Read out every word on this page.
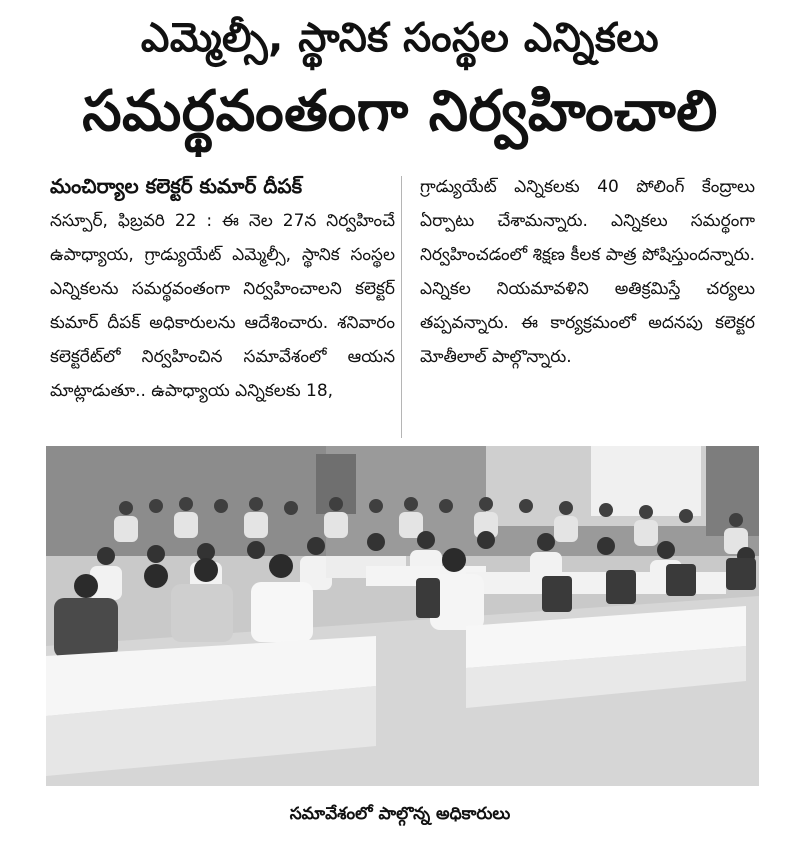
ఎమ్మెల్సీ, స్థానిక సంస్థల ఎన్నికలు
సమర్థవంతంగా నిర్వహించాలి
మంచిర్యాల కలెక్టర్ కుమార్ దీపక్
నస్పూర్, ఫిబ్రవరి 22 : ఈ నెల 27న నిర్వహించే ఉపాధ్యాయ, గ్రాడ్యుయేట్ ఎమ్మెల్సీ, స్థానిక సంస్థల ఎన్నికలను సమర్థవంతంగా నిర్వహించాలని కలెక్టర్ కుమార్ దీపక్ అధికారులను ఆదేశించారు. శనివారం కలెక్టరేట్‌లో నిర్వహించిన సమావేశంలో ఆయన మాట్లాడుతూ.. ఉపాధ్యాయ ఎన్నికలకు 18,
గ్రాడ్యుయేట్ ఎన్నికలకు 40 పోలింగ్ కేంద్రాలు ఏర్పాటు చేశామన్నారు. ఎన్నికలు సమర్థంగా నిర్వహించడంలో శిక్షణ కీలక పాత్ర పోషిస్తుందన్నారు. ఎన్నికల నియమావళిని అతిక్రమిస్తే చర్యలు తప్పవన్నారు. ఈ కార్యక్రమంలో అదనపు కలెక్టర మోతీలాల్ పాల్గొన్నారు.
సమావేశంలో పాల్గొన్న అధికారులు
